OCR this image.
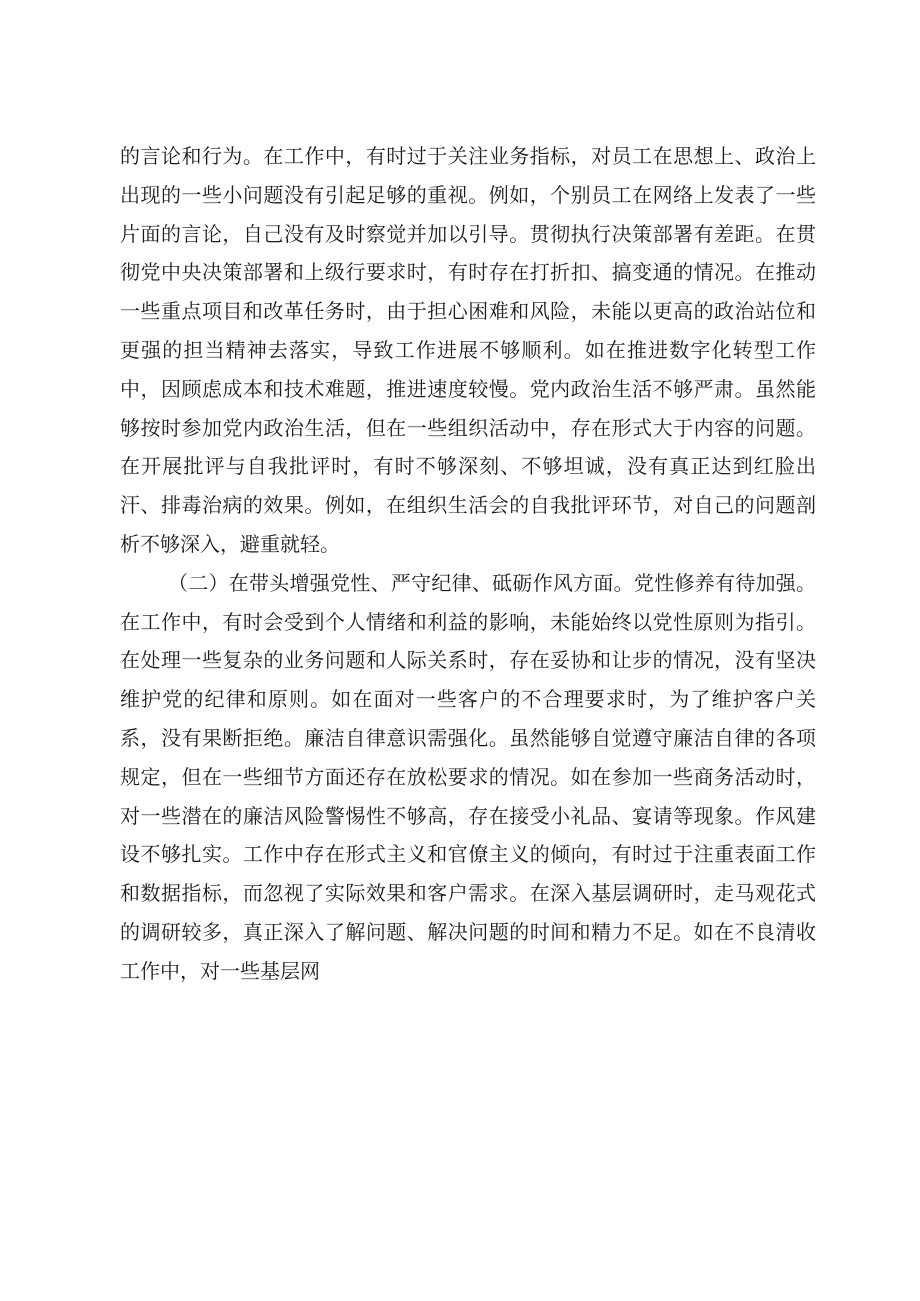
的言论和行为。在工作中，有时过于关注业务指标，对员工在思想上、政治上出现的一些小问题没有引起足够的重视。例如，个别员工在网络上发表了一些片面的言论，自己没有及时察觉并加以引导。贯彻执行决策部署有差距。在贯彻党中央决策部署和上级行要求时，有时存在打折扣、搞变通的情况。在推动一些重点项目和改革任务时，由于担心困难和风险，未能以更高的政治站位和更强的担当精神去落实，导致工作进展不够顺利。如在推进数字化转型工作中，因顾虑成本和技术难题，推进速度较慢。党内政治生活不够严肃。虽然能够按时参加党内政治生活，但在一些组织活动中，存在形式大于内容的问题。在开展批评与自我批评时，有时不够深刻、不够坦诚，没有真正达到红脸出汗、排毒治病的效果。例如，在组织生活会的自我批评环节，对自己的问题剖析不够深入，避重就轻。

（二）在带头增强党性、严守纪律、砥砺作风方面。党性修养有待加强。在工作中，有时会受到个人情绪和利益的影响，未能始终以党性原则为指引。在处理一些复杂的业务问题和人际关系时，存在妥协和让步的情况，没有坚决维护党的纪律和原则。如在面对一些客户的不合理要求时，为了维护客户关系，没有果断拒绝。廉洁自律意识需强化。虽然能够自觉遵守廉洁自律的各项规定，但在一些细节方面还存在放松要求的情况。如在参加一些商务活动时，对一些潜在的廉洁风险警惕性不够高，存在接受小礼品、宴请等现象。作风建设不够扎实。工作中存在形式主义和官僚主义的倾向，有时过于注重表面工作和数据指标，而忽视了实际效果和客户需求。在深入基层调研时，走马观花式的调研较多，真正深入了解问题、解决问题的时间和精力不足。如在不良清收工作中，对一些基层网
